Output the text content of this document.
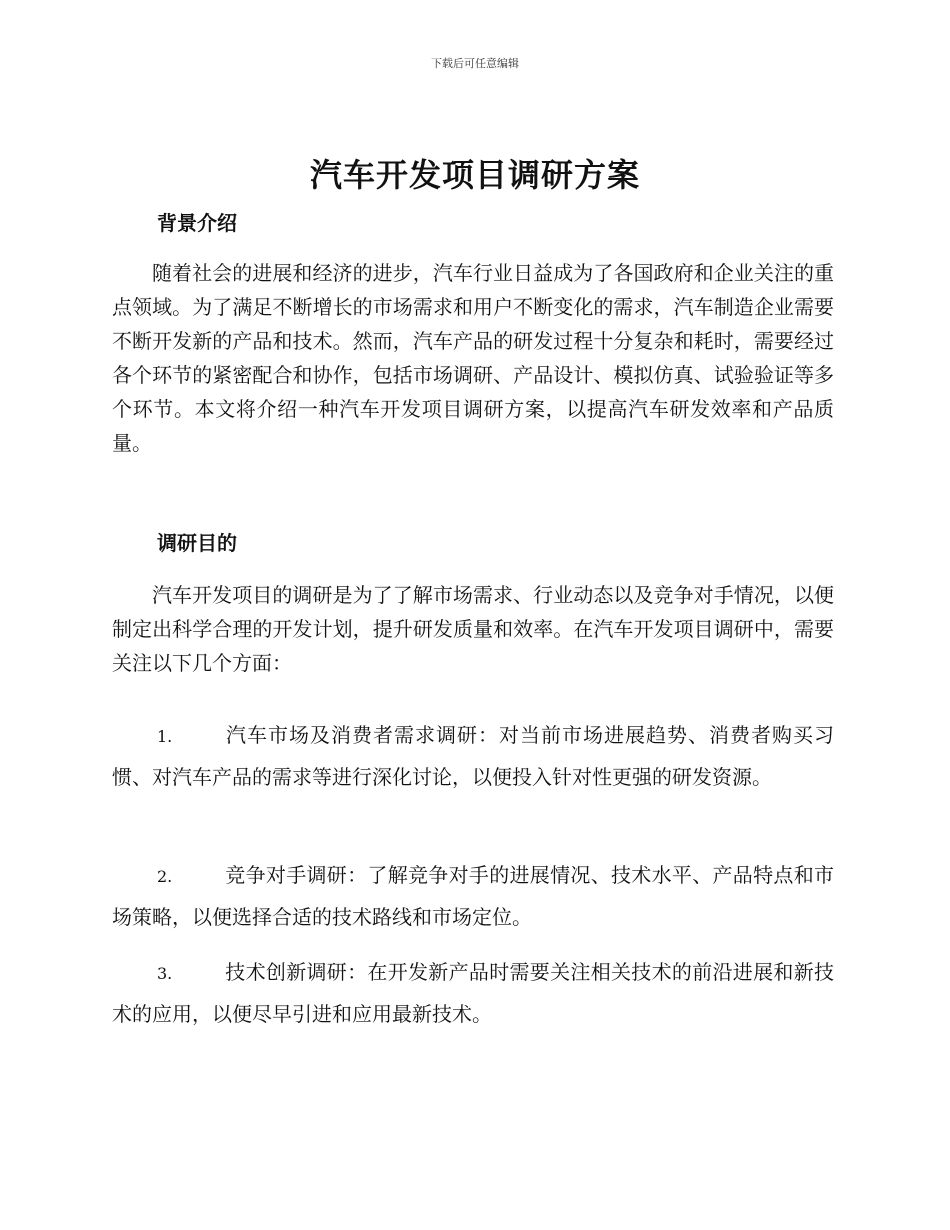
下载后可任意编辑
汽车开发项目调研方案
背景介绍
随着社会的进展和经济的进步，汽车行业日益成为了各国政府和企业关注的重点领域。为了满足不断增长的市场需求和用户不断变化的需求，汽车制造企业需要不断开发新的产品和技术。然而，汽车产品的研发过程十分复杂和耗时，需要经过各个环节的紧密配合和协作，包括市场调研、产品设计、模拟仿真、试验验证等多个环节。本文将介绍一种汽车开发项目调研方案，以提高汽车研发效率和产品质量。
调研目的
汽车开发项目的调研是为了了解市场需求、行业动态以及竞争对手情况，以便制定出科学合理的开发计划，提升研发质量和效率。在汽车开发项目调研中，需要关注以下几个方面：
1.	汽车市场及消费者需求调研：对当前市场进展趋势、消费者购买习惯、对汽车产品的需求等进行深化讨论，以便投入针对性更强的研发资源。
2.	竞争对手调研：了解竞争对手的进展情况、技术水平、产品特点和市场策略，以便选择合适的技术路线和市场定位。
3.	技术创新调研：在开发新产品时需要关注相关技术的前沿进展和新技术的应用，以便尽早引进和应用最新技术。
